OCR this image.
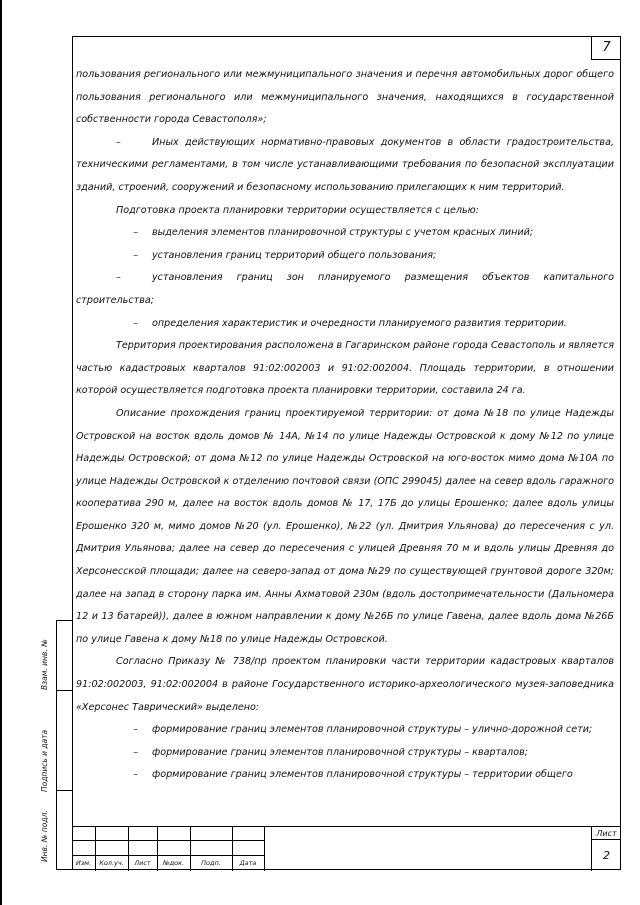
7

пользования регионального или межмуниципального значения и перечня автомобильных дорог общего пользования регионального или межмуниципального значения, находящихся в государственной собственности города Севастополя»;

–	Иных действующих нормативно-правовых документов в области градостроительства, техническими регламентами, в том числе устанавливающими требования по безопасной эксплуатации зданий, строений, сооружений и безопасному использованию прилегающих к ним территорий.

Подготовка проекта планировки территории осуществляется с целью:

–	выделения элементов планировочной структуры с учетом красных линий;
–	установления границ территорий общего пользования;
–	установления границ зон планируемого размещения объектов капитального строительства;
–	определения характеристик и очередности планируемого развития территории.

Территория проектирования расположена в Гагаринском районе города Севастополь и является частью кадастровых кварталов 91:02:002003 и 91:02:002004. Площадь территории, в отношении которой осуществляется подготовка проекта планировки территории, составила 24 га.

Описание прохождения границ проектируемой территории: от дома №18 по улице Надежды Островской на восток вдоль домов № 14А, №14 по улице Надежды Островской к дому №12 по улице Надежды Островской; от дома №12 по улице Надежды Островской на юго-восток мимо дома №10А по улице Надежды Островской к отделению почтовой связи (ОПС 299045) далее на север вдоль гаражного кооператива 290 м, далее на восток вдоль домов № 17, 17Б до улицы Ерошенко; далее вдоль улицы Ерошенко 320 м, мимо домов №20 (ул. Ерошенко), №22 (ул. Дмитрия Ульянова) до пересечения с ул. Дмитрия Ульянова; далее на север до пересечения с улицей Древняя 70 м и вдоль улицы Древняя до Херсонесской площади; далее на северо-запад от дома №29 по существующей грунтовой дороге 320м; далее на запад в сторону парка им. Анны Ахматовой 230м (вдоль достопримечательности (Дальномера 12 и 13 батарей)), далее в южном направлении к дому №26Б по улице Гавена, далее вдоль дома №26Б по улице Гавена к дому №18 по улице Надежды Островской.

Согласно Приказу № 738/пр проектом планировки части территории кадастровых кварталов 91:02:002003, 91:02:002004 в районе Государственного историко-археологического музея-заповедника «Херсонес Таврический» выделено:

–	формирование границ элементов планировочной структуры – улично-дорожной сети;
–	формирование границ элементов планировочной структуры – кварталов;
–	формирование границ элементов планировочной структуры – территории общего
Взам. инв. №
Подпись и дата
Инв. № подл.
Изм.	Кол.уч.	Лист	№док.	Подп.	Дата
Лист
2
